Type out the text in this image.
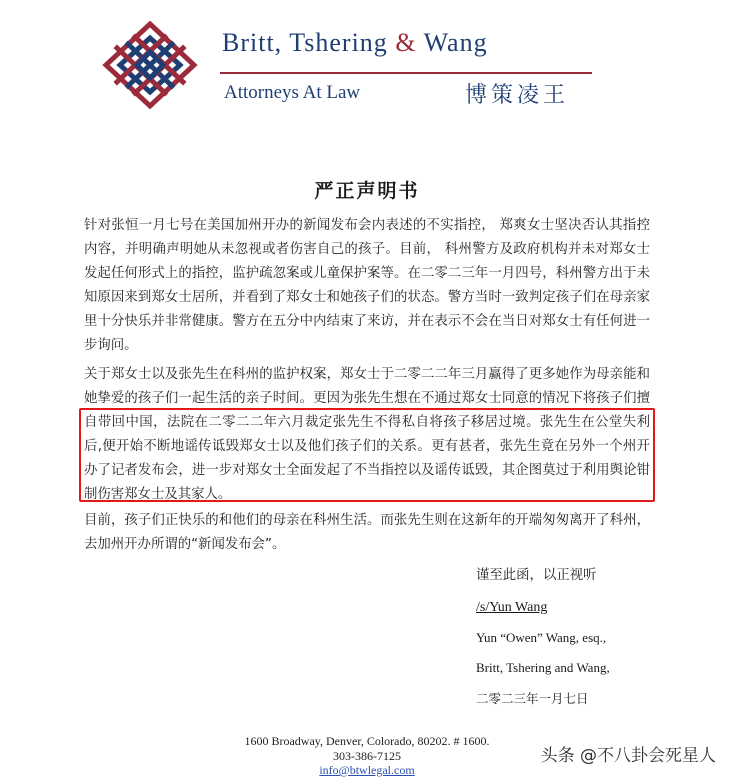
Britt, Tshering & Wang
Attorneys At Law	博策凌王
严正声明书

针对张恒一月七号在美国加州开办的新闻发布会内表述的不实指控， 郑爽女士坚决否认其指控内容，并明确声明她从未忽视或者伤害自己的孩子。目前， 科州警方及政府机构并未对郑女士发起任何形式上的指控，监护疏忽案或儿童保护案等。在二零二三年一月四号，科州警方出于未知原因来到郑女士居所，并看到了郑女士和她孩子们的状态。警方当时一致判定孩子们在母亲家里十分快乐并非常健康。警方在五分中内结束了来访，并在表示不会在当日对郑女士有任何进一步询问。

关于郑女士以及张先生在科州的监护权案，郑女士于二零二二年三月赢得了更多她作为母亲能和她挚爱的孩子们一起生活的亲子时间。更因为张先生想在不通过郑女士同意的情况下将孩子们擅自带回中国，法院在二零二二年六月裁定张先生不得私自将孩子移居过境。张先生在公堂失利后,便开始不断地谣传诋毁郑女士以及他们孩子们的关系。更有甚者，张先生竟在另外一个州开办了记者发布会，进一步对郑女士全面发起了不当指控以及谣传诋毁，其企图莫过于利用舆论钳制伤害郑女士及其家人。

目前，孩子们正快乐的和他们的母亲在科州生活。而张先生则在这新年的开端匆匆离开了科州，去加州开办所谓的“新闻发布会”。

谨至此函，以正视听
/s/Yun Wang
Yun “Owen” Wang, esq.,
Britt, Tshering and Wang,
二零二三年一月七日
1600 Broadway, Denver, Colorado, 80202. # 1600.
303-386-7125
info@btwlegal.com
头条 @不八卦会死星人
